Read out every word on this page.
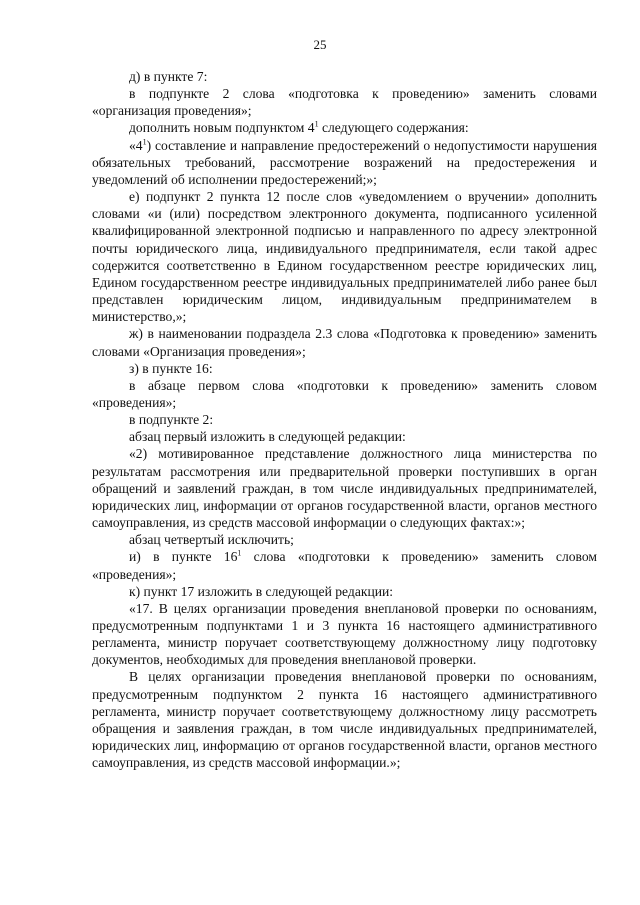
25

д) в пункте 7:

в подпункте 2 слова «подготовка к проведению» заменить словами «организация проведения»;

дополнить новым подпунктом $4^1$ следующего содержания:

«$4^1$) составление и направление предостережений о недопустимости нарушения обязательных требований, рассмотрение возражений на предостережения и уведомлений об исполнении предостережений;»;

е) подпункт 2 пункта 12 после слов «уведомлением о вручении» дополнить словами «и (или) посредством электронного документа, подписанного усиленной квалифицированной электронной подписью и направленного по адресу электронной почты юридического лица, индивидуального предпринимателя, если такой адрес содержится соответственно в Едином государственном реестре юридических лиц, Едином государственном реестре индивидуальных предпринимателей либо ранее был представлен юридическим лицом, индивидуальным предпринимателем в министерство,»;

ж) в наименовании подраздела 2.3 слова «Подготовка к проведению» заменить словами «Организация проведения»;

з) в пункте 16:

в абзаце первом слова «подготовки к проведению» заменить словом «проведения»;

в подпункте 2:

абзац первый изложить в следующей редакции:

«2) мотивированное представление должностного лица министерства по результатам рассмотрения или предварительной проверки поступивших в орган обращений и заявлений граждан, в том числе индивидуальных предпринимателей, юридических лиц, информации от органов государственной власти, органов местного самоуправления, из средств массовой информации о следующих фактах:»;

абзац четвертый исключить;

и) в пункте $16^1$ слова «подготовки к проведению» заменить словом «проведения»;

к) пункт 17 изложить в следующей редакции:

«17. В целях организации проведения внеплановой проверки по основаниям, предусмотренным подпунктами 1 и 3 пункта 16 настоящего административного регламента, министр поручает соответствующему должностному лицу подготовку документов, необходимых для проведения внеплановой проверки.

В целях организации проведения внеплановой проверки по основаниям, предусмотренным подпунктом 2 пункта 16 настоящего административного регламента, министр поручает соответствующему должностному лицу рассмотреть обращения и заявления граждан, в том числе индивидуальных предпринимателей, юридических лиц, информацию от органов государственной власти, органов местного самоуправления, из средств массовой информации.»;
